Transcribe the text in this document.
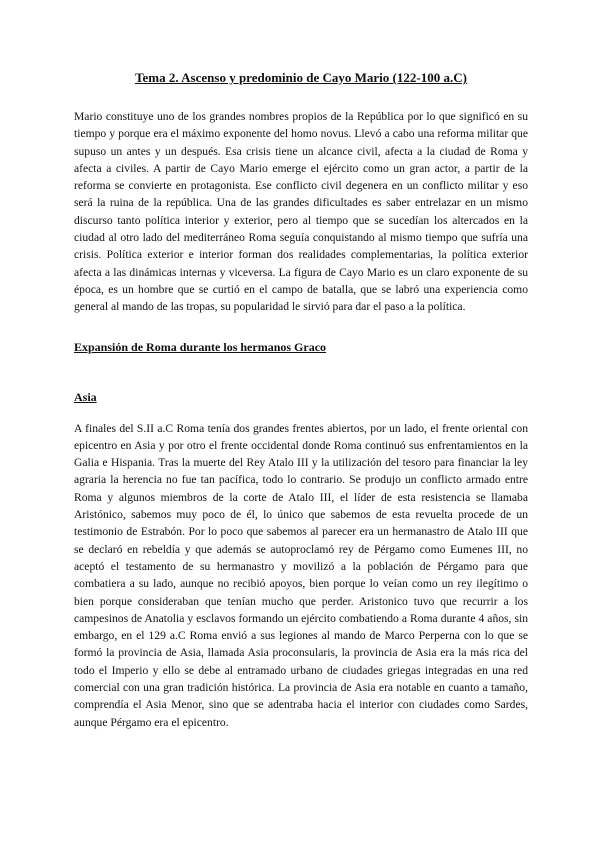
Tema 2. Ascenso y predominio de Cayo Mario (122-100 a.C)

Mario constituye uno de los grandes nombres propios de la República por lo que significó en su tiempo y porque era el máximo exponente del homo novus. Llevó a cabo una reforma militar que supuso un antes y un después. Esa crisis tiene un alcance civil, afecta a la ciudad de Roma y afecta a civiles. A partir de Cayo Mario emerge el ejército como un gran actor, a partir de la reforma se convierte en protagonista. Ese conflicto civil degenera en un conflicto militar y eso será la ruina de la república. Una de las grandes dificultades es saber entrelazar en un mismo discurso tanto política interior y exterior, pero al tiempo que se sucedían los altercados en la ciudad al otro lado del mediterráneo Roma seguía conquistando al mismo tiempo que sufría una crisis. Política exterior e interior forman dos realidades complementarias, la política exterior afecta a las dinámicas internas y viceversa. La figura de Cayo Mario es un claro exponente de su época, es un hombre que se curtió en el campo de batalla, que se labró una experiencia como general al mando de las tropas, su popularidad le sirvió para dar el paso a la política.

Expansión de Roma durante los hermanos Graco
Asia

A finales del S.II a.C Roma tenía dos grandes frentes abiertos, por un lado, el frente oriental con epicentro en Asia y por otro el frente occidental donde Roma continuó sus enfrentamientos en la Galia e Hispania. Tras la muerte del Rey Atalo III y la utilización del tesoro para financiar la ley agraria la herencia no fue tan pacífica, todo lo contrario. Se produjo un conflicto armado entre Roma y algunos miembros de la corte de Atalo III, el líder de esta resistencia se llamaba Aristónico, sabemos muy poco de él, lo único que sabemos de esta revuelta procede de un testimonio de Estrabón. Por lo poco que sabemos al parecer era un hermanastro de Atalo III que se declaró en rebeldía y que además se autoproclamó rey de Pérgamo como Eumenes III, no aceptó el testamento de su hermanastro y movilizó a la población de Pérgamo para que combatiera a su lado, aunque no recibió apoyos, bien porque lo veían como un rey ilegítimo o bien porque consideraban que tenían mucho que perder. Aristonico tuvo que recurrir a los campesinos de Anatolia y esclavos formando un ejército combatiendo a Roma durante 4 años, sin embargo, en el 129 a.C Roma envió a sus legiones al mando de Marco Perperna con lo que se formó la provincia de Asia, llamada Asia proconsularis, la provincia de Asia era la más rica del todo el Imperio y ello se debe al entramado urbano de ciudades griegas integradas en una red comercial con una gran tradición histórica. La provincia de Asia era notable en cuanto a tamaño, comprendía el Asia Menor, sino que se adentraba hacia el interior con ciudades como Sardes, aunque Pérgamo era el epicentro.
